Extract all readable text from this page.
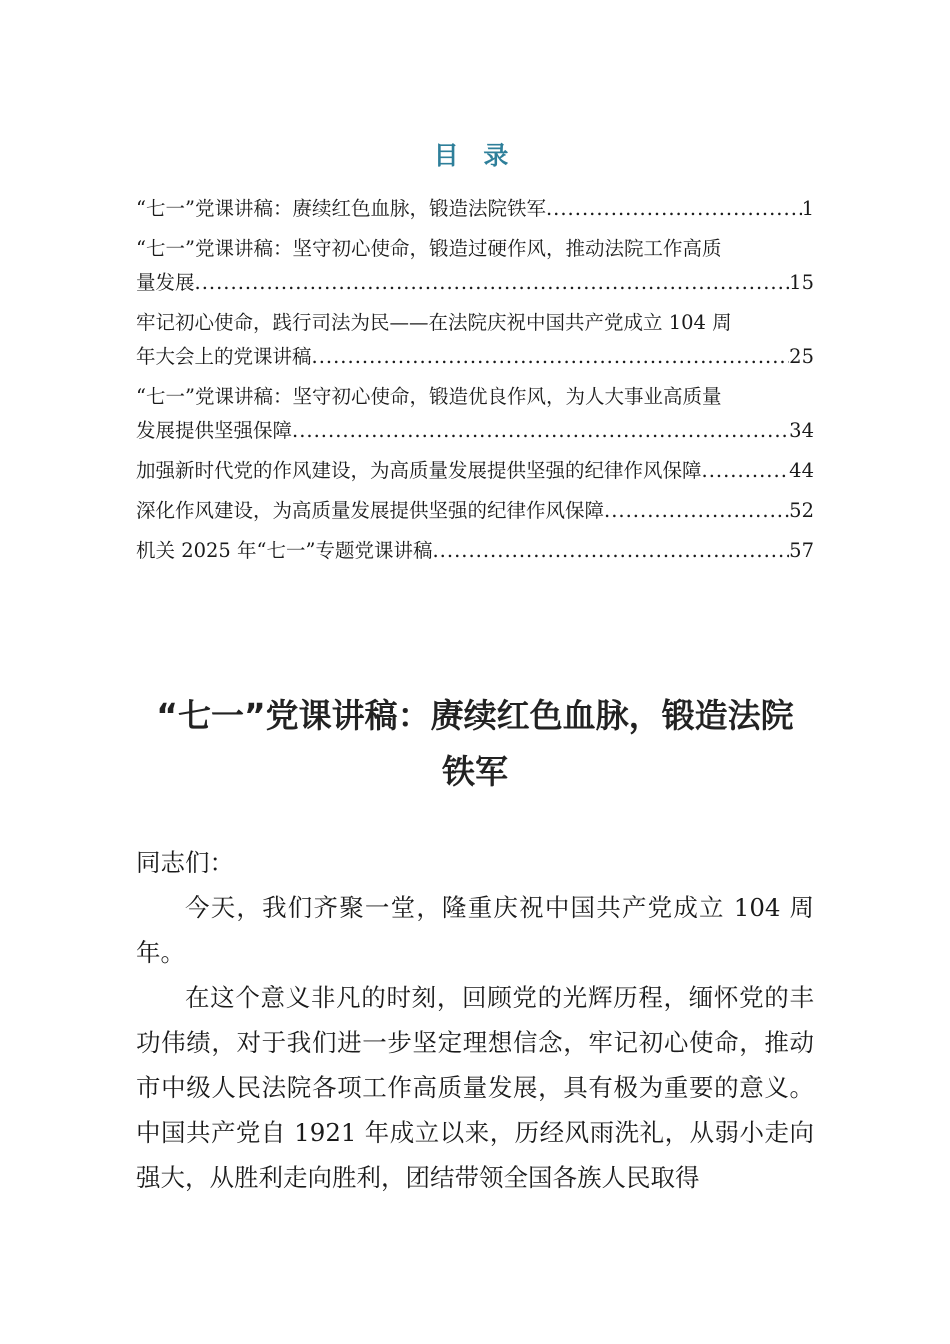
目 录
“七一”党课讲稿：赓续红色血脉，锻造法院铁军 .....	1
“七一”党课讲稿：坚守初心使命，锻造过硬作风，推动法院工作高质
量发展 .....	15
牢记初心使命，践行司法为民——在法院庆祝中国共产党成立 104 周
年大会上的党课讲稿 .....	25
“七一”党课讲稿：坚守初心使命，锻造优良作风，为人大事业高质量
发展提供坚强保障 .....	34
加强新时代党的作风建设，为高质量发展提供坚强的纪律作风保障 .....	44
深化作风建设，为高质量发展提供坚强的纪律作风保障 .....	52
机关 2025 年“七一”专题党课讲稿 .....	57
“七一”党课讲稿：赓续红色血脉，锻造法院
铁军

同志们：

今天，我们齐聚一堂，隆重庆祝中国共产党成立 104 周年。

在这个意义非凡的时刻，回顾党的光辉历程，缅怀党的丰功伟绩，对于我们进一步坚定理想信念，牢记初心使命，推动市中级人民法院各项工作高质量发展，具有极为重要的意义。中国共产党自 1921 年成立以来，历经风雨洗礼，从弱小走向强大，从胜利走向胜利，团结带领全国各族人民取得
